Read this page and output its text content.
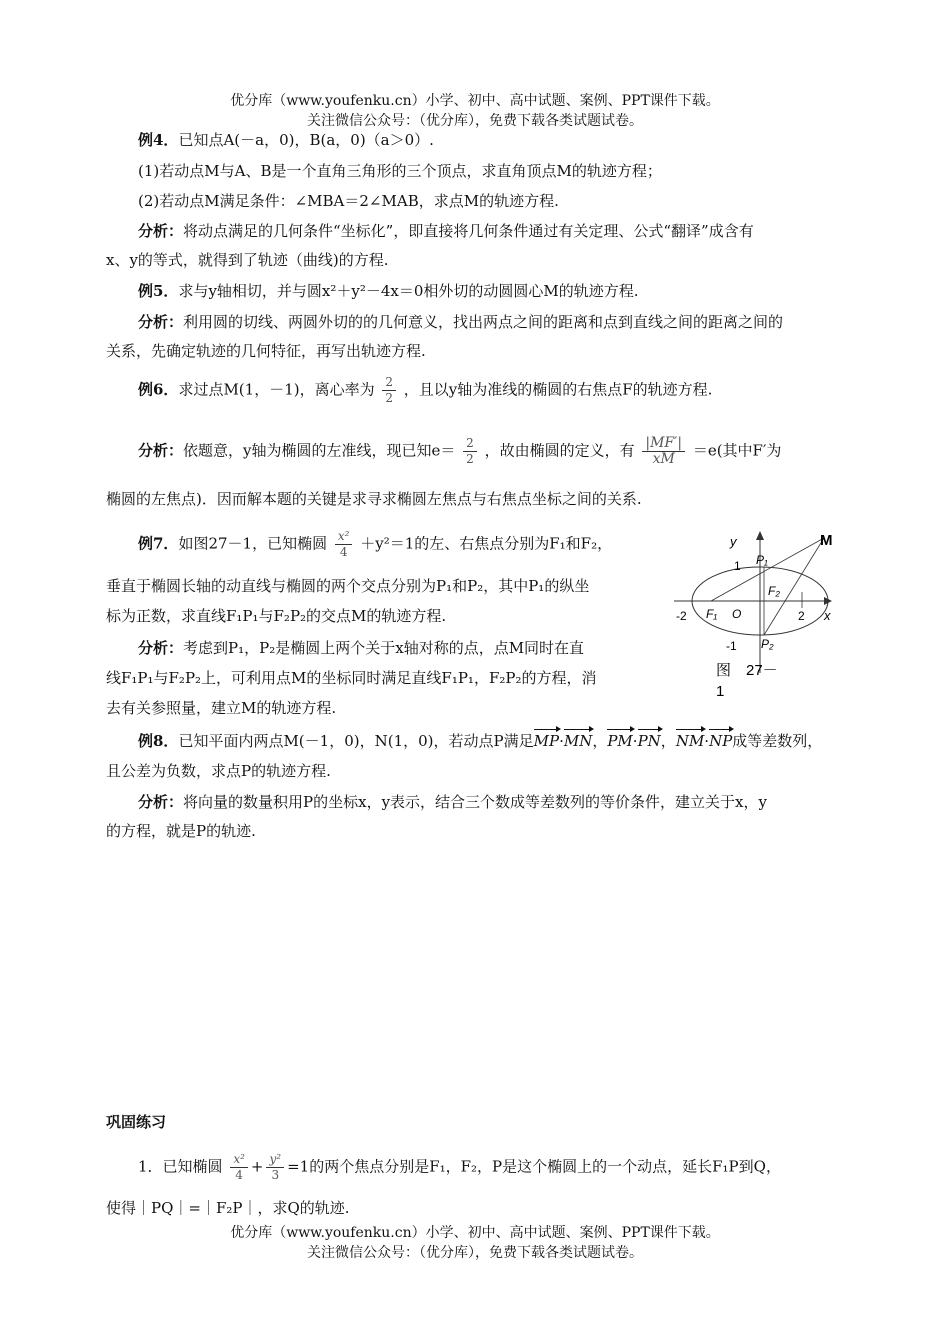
优分库（www.youfenku.cn）小学、初中、高中试题、案例、PPT课件下载。
关注微信公众号：（优分库），免费下载各类试题试卷。
例4．已知点A(－a，0)，B(a，0)（a＞0）.
(1)若动点M与A、B是一个直角三角形的三个顶点，求直角顶点M的轨迹方程；
(2)若动点M满足条件：∠MBA＝2∠MAB，求点M的轨迹方程.
分析：将动点满足的几何条件“坐标化”，即直接将几何条件通过有关定理、公式“翻译”成含有
x、y的等式，就得到了轨迹（曲线)的方程.
例5．求与y轴相切，并与圆x²＋y²－4x＝0相外切的动圆圆心M的轨迹方程.
分析：利用圆的切线、两圆外切的的几何意义，找出两点之间的距离和点到直线之间的距离之间的
关系，先确定轨迹的几何特征，再写出轨迹方程.
例6．求过点M(1，－1)，离心率为 $\frac{2}{2}$ ，且以y轴为准线的椭圆的右焦点F的轨迹方程.
分析：依题意，y轴为椭圆的左准线，现已知$e= \frac{2}{2}$ ，故由椭圆的定义，有 $\frac{|MF'|}{xM} =e$(其中F′为
椭圆的左焦点)．因而解本题的关键是求寻求椭圆左焦点与右焦点坐标之间的关系.
例7．如图27－1，已知椭圆 $\frac{\text{x²}}{4} +y^2=1$的左、右焦点分别为F₁和F₂，
垂直于椭圆长轴的动直线与椭圆的两个交点分别为P₁和P₂，其中P₁的纵坐
标为正数，求直线F₁P₁与F₂P₂的交点M的轨迹方程.
分析：考虑到P₁，P₂是椭圆上两个关于x轴对称的点，点M同时在直
线F₁P₁与F₂P₂上，可利用点M的坐标同时满足直线F₁P₁，F₂P₂的方程，消
去有关参照量，建立M的轨迹方程.
y	M
P₁
1
F₂
-2 F₁ O	2 x
-1 P₂
图　27－
1
例8．已知平面内两点M(－1，0)，N(1，0)，若动点P满足MP·MN，PM·PN，NM·NP成等差数列，
且公差为负数，求点P的轨迹方程.
分析：将向量的数量积用P的坐标x，y表示，结合三个数成等差数列的等价条件，建立关于x，y
的方程，就是P的轨迹.
巩固练习
1．已知椭圆 $\frac{\text{x²}}{4} + \frac{\text{y²}}{3} =1$的两个焦点分别是F₁，F₂，P是这个椭圆上的一个动点，延长F₁P到Q，
使得｜PQ｜=｜F₂P｜，求Q的轨迹.
优分库（www.youfenku.cn）小学、初中、高中试题、案例、PPT课件下载。
关注微信公众号：（优分库），免费下载各类试题试卷。
